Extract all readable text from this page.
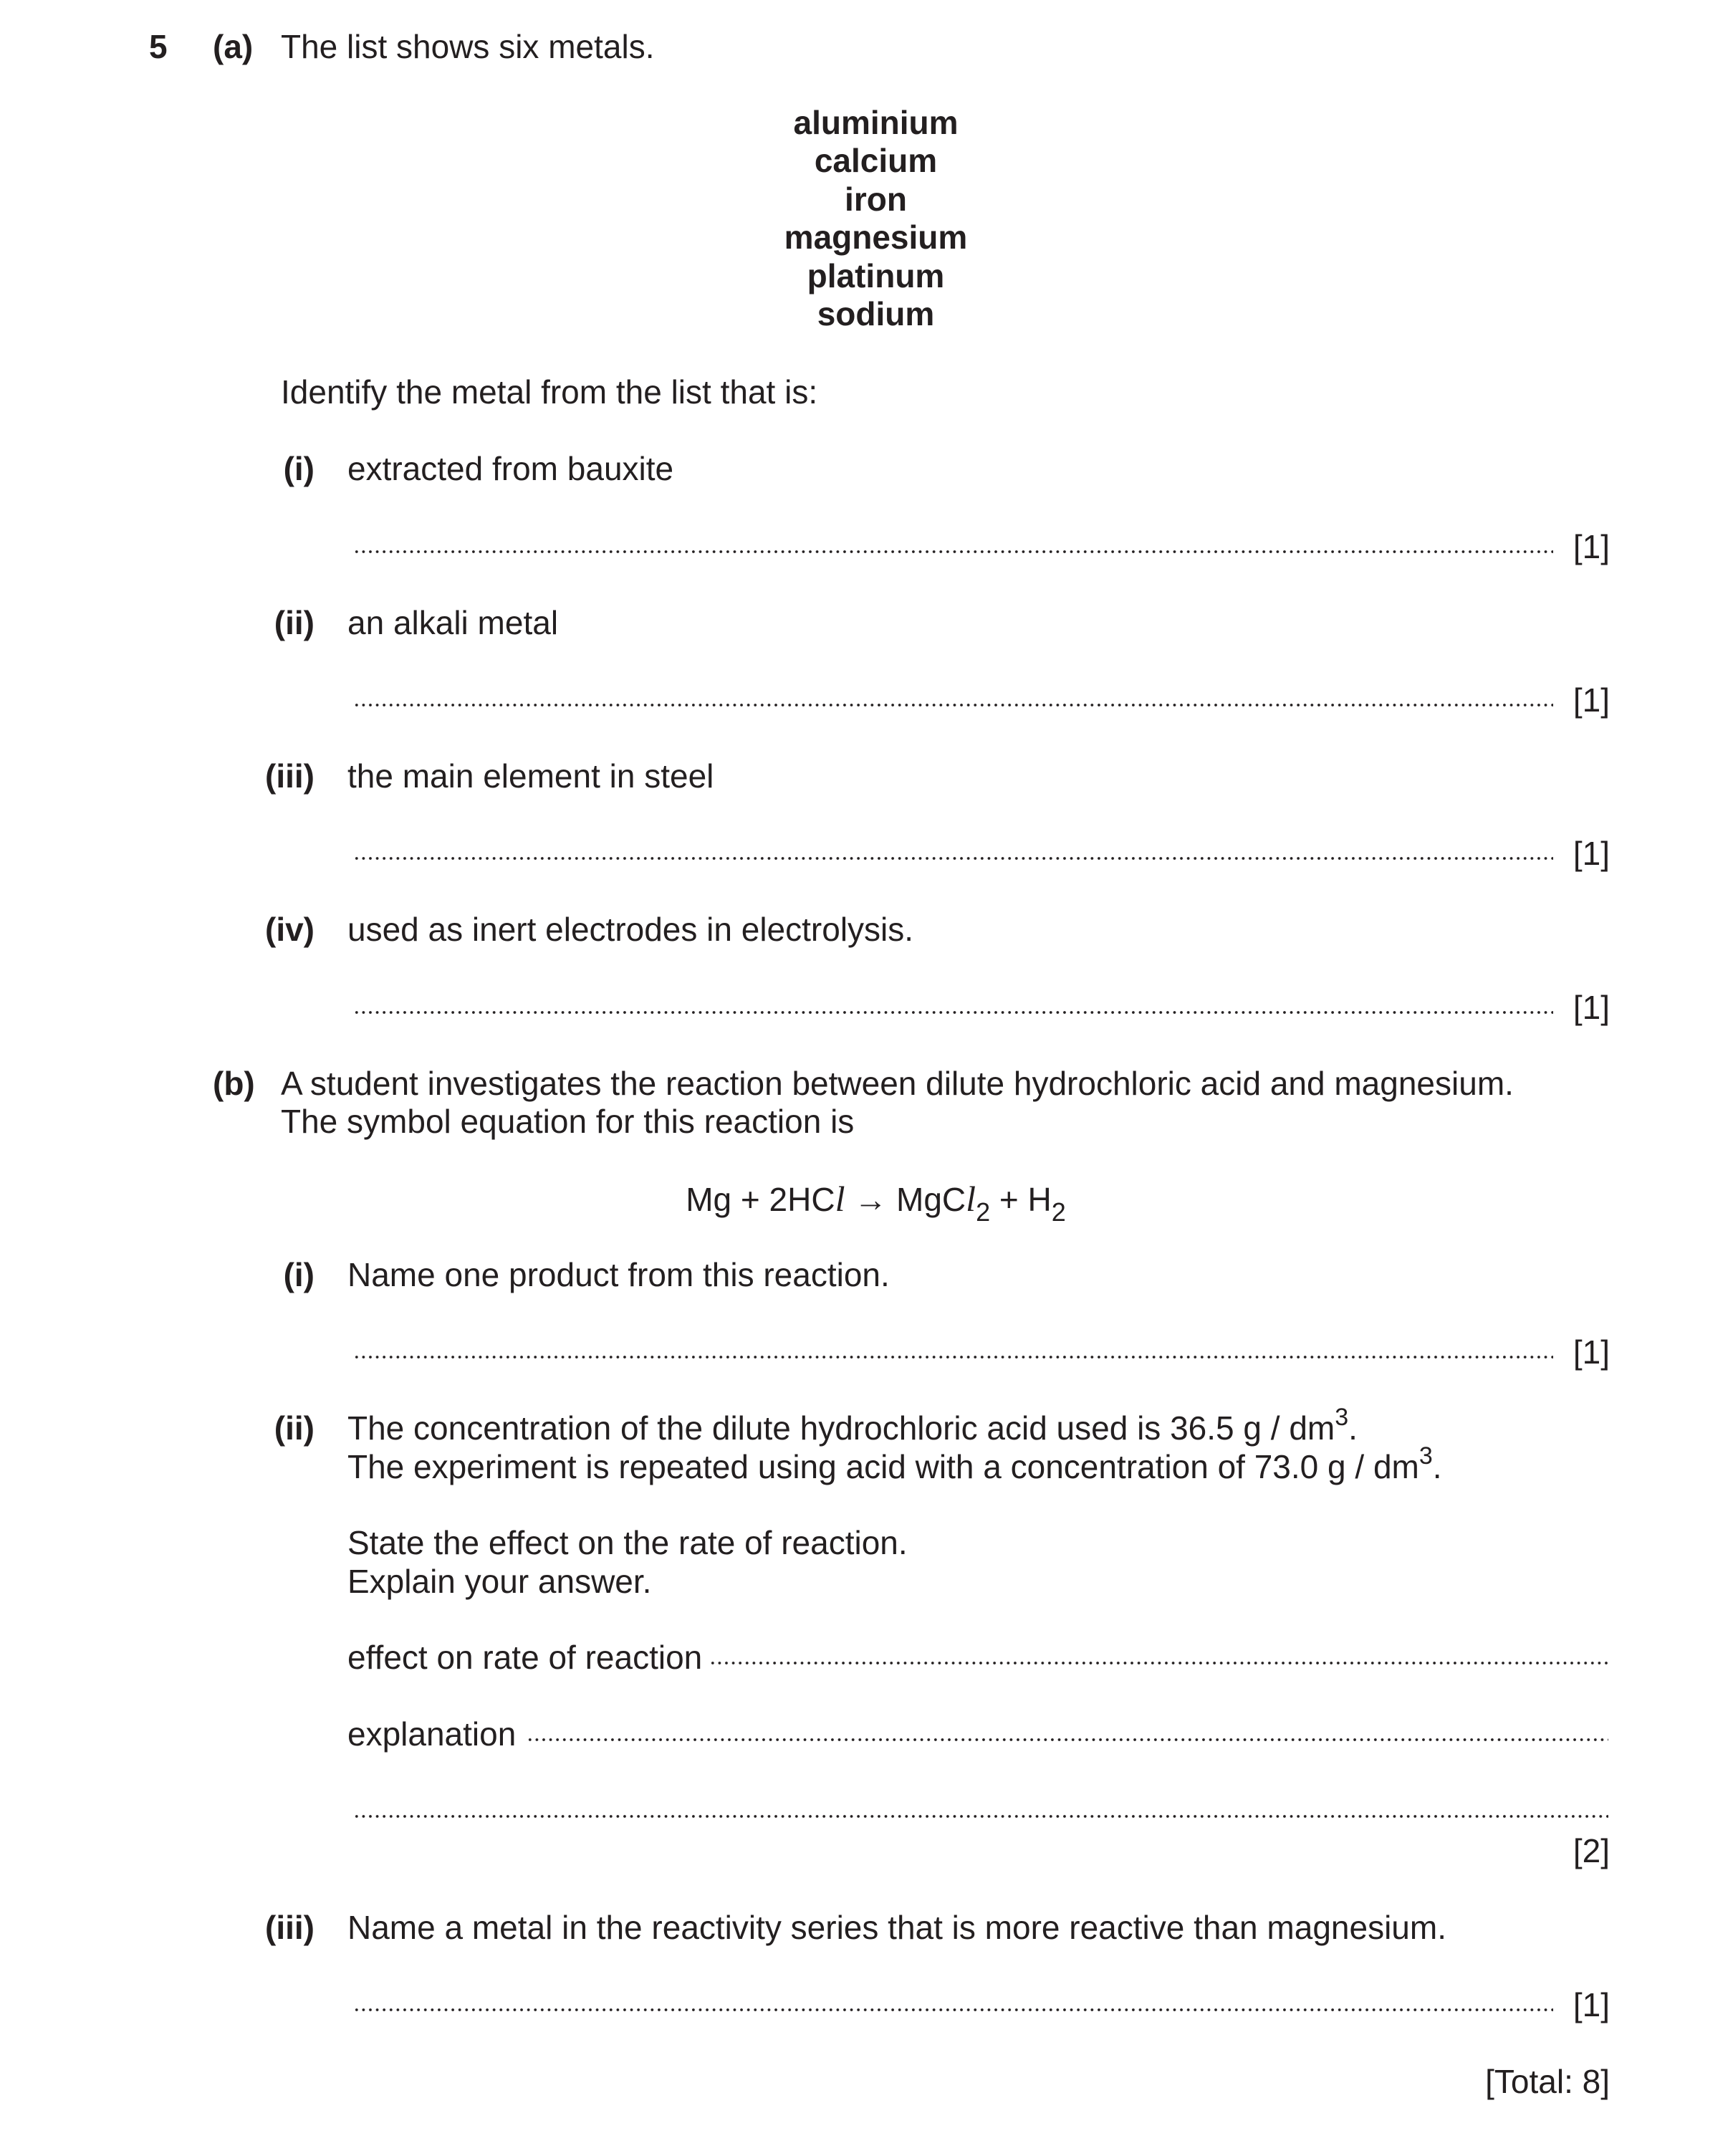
5 (a) The list shows six metals.
aluminium
calcium
iron
magnesium
platinum
sodium
Identify the metal from the list that is:
(i) extracted from bauxite
[1]
(ii) an alkali metal
[1]
(iii) the main element in steel
[1]
(iv) used as inert electrodes in electrolysis.
[1]
(b) A student investigates the reaction between dilute hydrochloric acid and magnesium.
The symbol equation for this reaction is
Mg + 2HCl → MgCl$_2$ + $H_2$
(i) Name one product from this reaction.
[1]
(ii) The concentration of the dilute hydrochloric acid used is 36.5 g / $dm^3$.
The experiment is repeated using acid with a concentration of 73.0 g / $dm^3$.
State the effect on the rate of reaction.
Explain your answer.
effect on rate of reaction
explanation
[2]
(iii) Name a metal in the reactivity series that is more reactive than magnesium.
[1]
[Total: 8]
